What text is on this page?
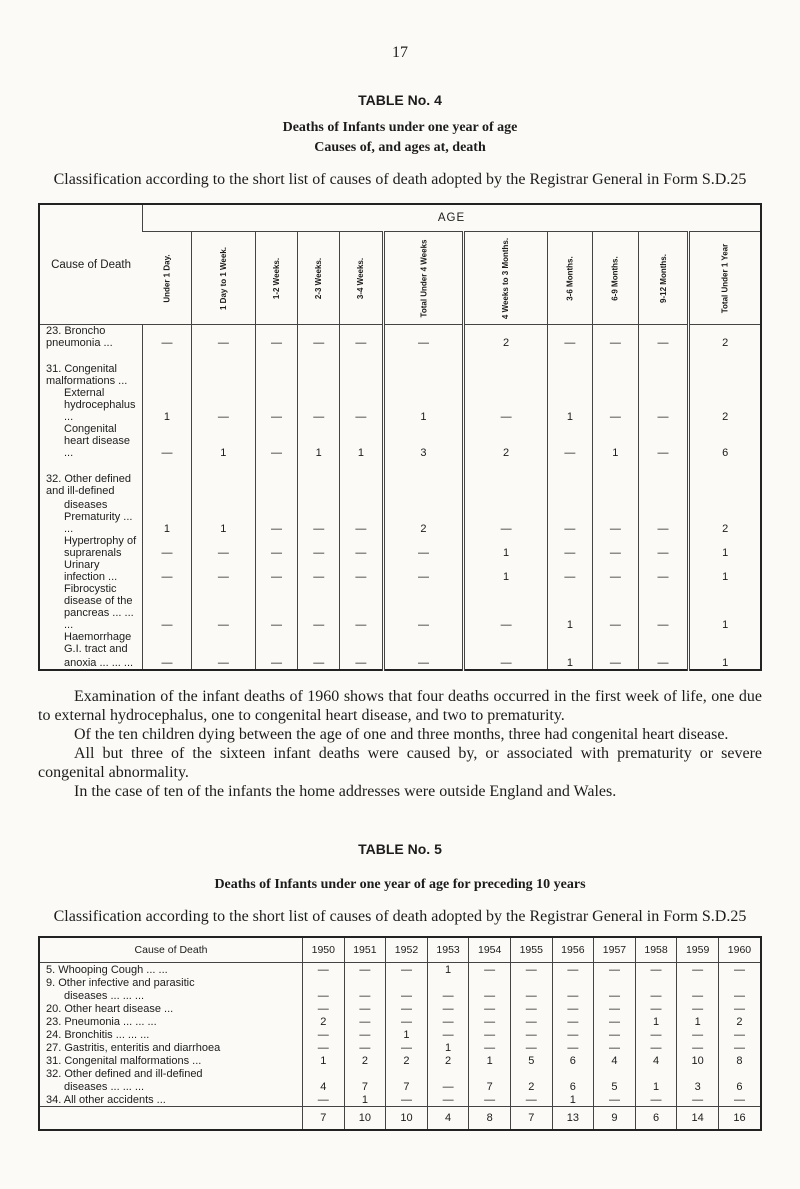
17
TABLE No. 4
Deaths of Infants under one year of age
Causes of, and ages at, death
Classification according to the short list of causes of death adopted by the Registrar General in Form S.D.25
Cause of Death	AGE										
	Under 1 Day.	1 Day to 1 Week.	1-2 Weeks.	2-3 Weeks.	3-4 Weeks.	Total Under 4 Weeks	4 Weeks to 3 Months.	3-6 Months.	6-9 Months.	9-12 Months.	Total Under 1 Year
23. Broncho pneumonia ...	—	—	—	—	—	—	2	—	—	—	2

31. Congenital malformations ...											
External hydrocephalus ...	1	—	—	—	—	1	—	1	—	—	2
Congenital heart disease ...	—	1	—	1	1	3	2	—	1	—	6

32. Other defined and ill-defined											
diseases											
Prematurity ... ...	1	1	—	—	—	2	—	—	—	—	2
Hypertrophy of suprarenals	—	—	—	—	—	—	1	—	—	—	1
Urinary infection ...	—	—	—	—	—	—	1	—	—	—	1
Fibrocystic disease of the											
pancreas ... ... ...	—	—	—	—	—	—	—	1	—	—	1
Haemorrhage G.I. tract and											
anoxia ... ... ...	—	—	—	—	—	—	—	1	—	—	1

Examination of the infant deaths of 1960 shows that four deaths occurred in the first week of life, one due to external hydrocephalus, one to congenital heart disease, and two to prematurity.

Of the ten children dying between the age of one and three months, three had congenital heart disease.

All but three of the sixteen infant deaths were caused by, or associated with prematurity or severe congenital abnormality.

In the case of ten of the infants the home addresses were outside England and Wales.

TABLE No. 5
Deaths of Infants under one year of age for preceding 10 years
Classification according to the short list of causes of death adopted by the Registrar General in Form S.D.25
Cause of Death	1950	1951	1952	1953	1954	1955	1956	1957	1958	1959	1960
5. Whooping Cough ... ...	—	—	—	1	—	—	—	—	—	—	—
9. Other infective and parasitic											
diseases ... ... ...	—	—	—	—	—	—	—	—	—	—	—
20. Other heart disease ...	—	—	—	—	—	—	—	—	—	—	—
23. Pneumonia ... ... ...	2	—	—	—	—	—	—	—	1	1	2
24. Bronchitis ... ... ...	—	—	1	—	—	—	—	—	—	—	—
27. Gastritis, enteritis and diarrhoea	—	—	—	1	—	—	—	—	—	—	—
31. Congenital malformations ...	1	2	2	2	1	5	6	4	4	10	8
32. Other defined and ill-defined											
diseases ... ... ...	4	7	7	—	7	2	6	5	1	3	6
34. All other accidents ...	—	1	—	—	—	—	1	—	—	—	—
	7	10	10	4	8	7	13	9	6	14	16
